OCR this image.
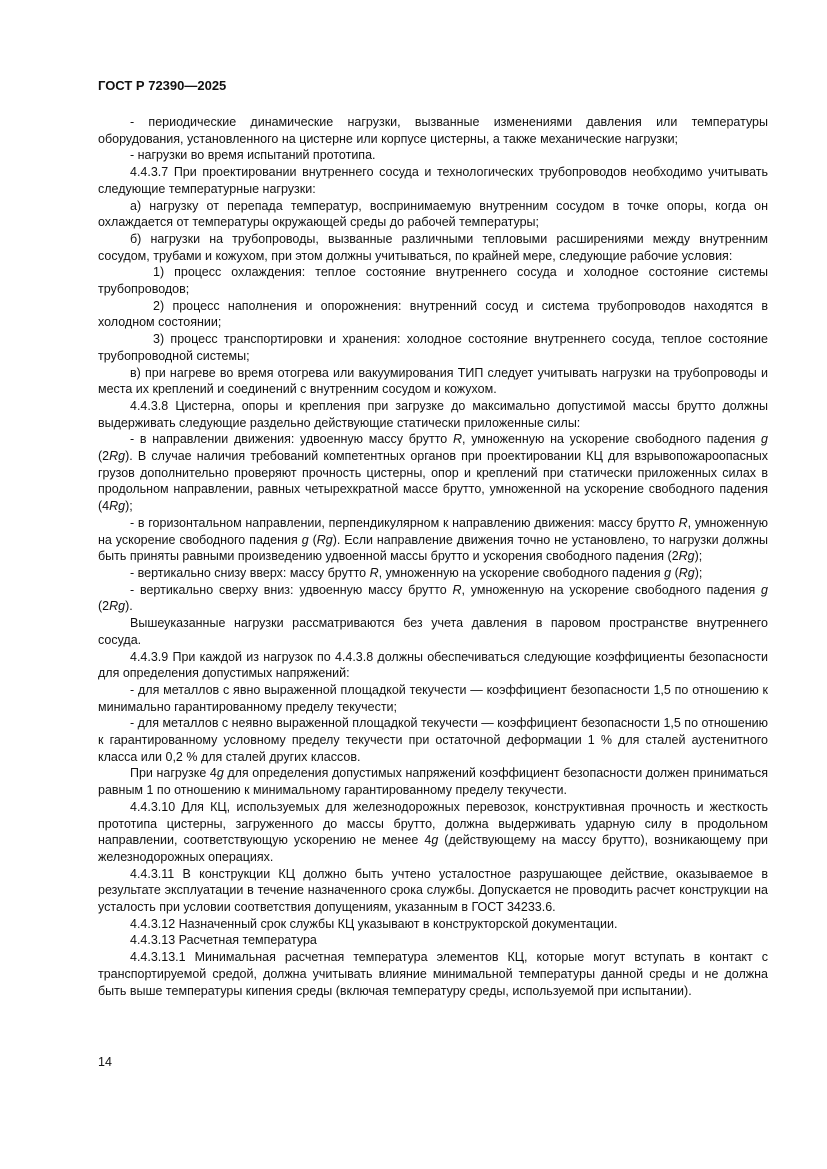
ГОСТ Р 72390—2025

- периодические динамические нагрузки, вызванные изменениями давления или температуры оборудования, установленного на цистерне или корпусе цистерны, а также механические нагрузки;

- нагрузки во время испытаний прототипа.

4.4.3.7 При проектировании внутреннего сосуда и технологических трубопроводов необходимо учитывать следующие температурные нагрузки:

а) нагрузку от перепада температур, воспринимаемую внутренним сосудом в точке опоры, когда он охлаждается от температуры окружающей среды до рабочей температуры;

б) нагрузки на трубопроводы, вызванные различными тепловыми расширениями между внутренним сосудом, трубами и кожухом, при этом должны учитываться, по крайней мере, следующие рабочие условия:

1) процесс охлаждения: теплое состояние внутреннего сосуда и холодное состояние системы трубопроводов;

2) процесс наполнения и опорожнения: внутренний сосуд и система трубопроводов находятся в холодном состоянии;

3) процесс транспортировки и хранения: холодное состояние внутреннего сосуда, теплое состояние трубопроводной системы;

в) при нагреве во время отогрева или вакуумирования ТИП следует учитывать нагрузки на трубопроводы и места их креплений и соединений с внутренним сосудом и кожухом.

4.4.3.8 Цистерна, опоры и крепления при загрузке до максимально допустимой массы брутто должны выдерживать следующие раздельно действующие статически приложенные силы:

- в направлении движения: удвоенную массу брутто R, умноженную на ускорение свободного падения g (2Rg). В случае наличия требований компетентных органов при проектировании КЦ для взрывопожароопасных грузов дополнительно проверяют прочность цистерны, опор и креплений при статически приложенных силах в продольном направлении, равных четырехкратной массе брутто, умноженной на ускорение свободного падения (4Rg);

- в горизонтальном направлении, перпендикулярном к направлению движения: массу брутто R, умноженную на ускорение свободного падения g (Rg). Если направление движения точно не установлено, то нагрузки должны быть приняты равными произведению удвоенной массы брутто и ускорения свободного падения (2Rg);

- вертикально снизу вверх: массу брутто R, умноженную на ускорение свободного падения g (Rg);

- вертикально сверху вниз: удвоенную массу брутто R, умноженную на ускорение свободного падения g (2Rg).

Вышеуказанные нагрузки рассматриваются без учета давления в паровом пространстве внутреннего сосуда.

4.4.3.9 При каждой из нагрузок по 4.4.3.8 должны обеспечиваться следующие коэффициенты безопасности для определения допустимых напряжений:

- для металлов с явно выраженной площадкой текучести — коэффициент безопасности 1,5 по отношению к минимально гарантированному пределу текучести;

- для металлов с неявно выраженной площадкой текучести — коэффициент безопасности 1,5 по отношению к гарантированному условному пределу текучести при остаточной деформации 1 % для сталей аустенитного класса или 0,2 % для сталей других классов.

При нагрузке 4g для определения допустимых напряжений коэффициент безопасности должен приниматься равным 1 по отношению к минимальному гарантированному пределу текучести.

4.4.3.10 Для КЦ, используемых для железнодорожных перевозок, конструктивная прочность и жесткость прототипа цистерны, загруженного до массы брутто, должна выдерживать ударную силу в продольном направлении, соответствующую ускорению не менее 4g (действующему на массу брутто), возникающему при железнодорожных операциях.

4.4.3.11 В конструкции КЦ должно быть учтено усталостное разрушающее действие, оказываемое в результате эксплуатации в течение назначенного срока службы. Допускается не проводить расчет конструкции на усталость при условии соответствия допущениям, указанным в ГОСТ 34233.6.

4.4.3.12 Назначенный срок службы КЦ указывают в конструкторской документации.

4.4.3.13 Расчетная температура

4.4.3.13.1 Минимальная расчетная температура элементов КЦ, которые могут вступать в контакт с транспортируемой средой, должна учитывать влияние минимальной температуры данной среды и не должна быть выше температуры кипения среды (включая температуру среды, используемой при испытании).

14
